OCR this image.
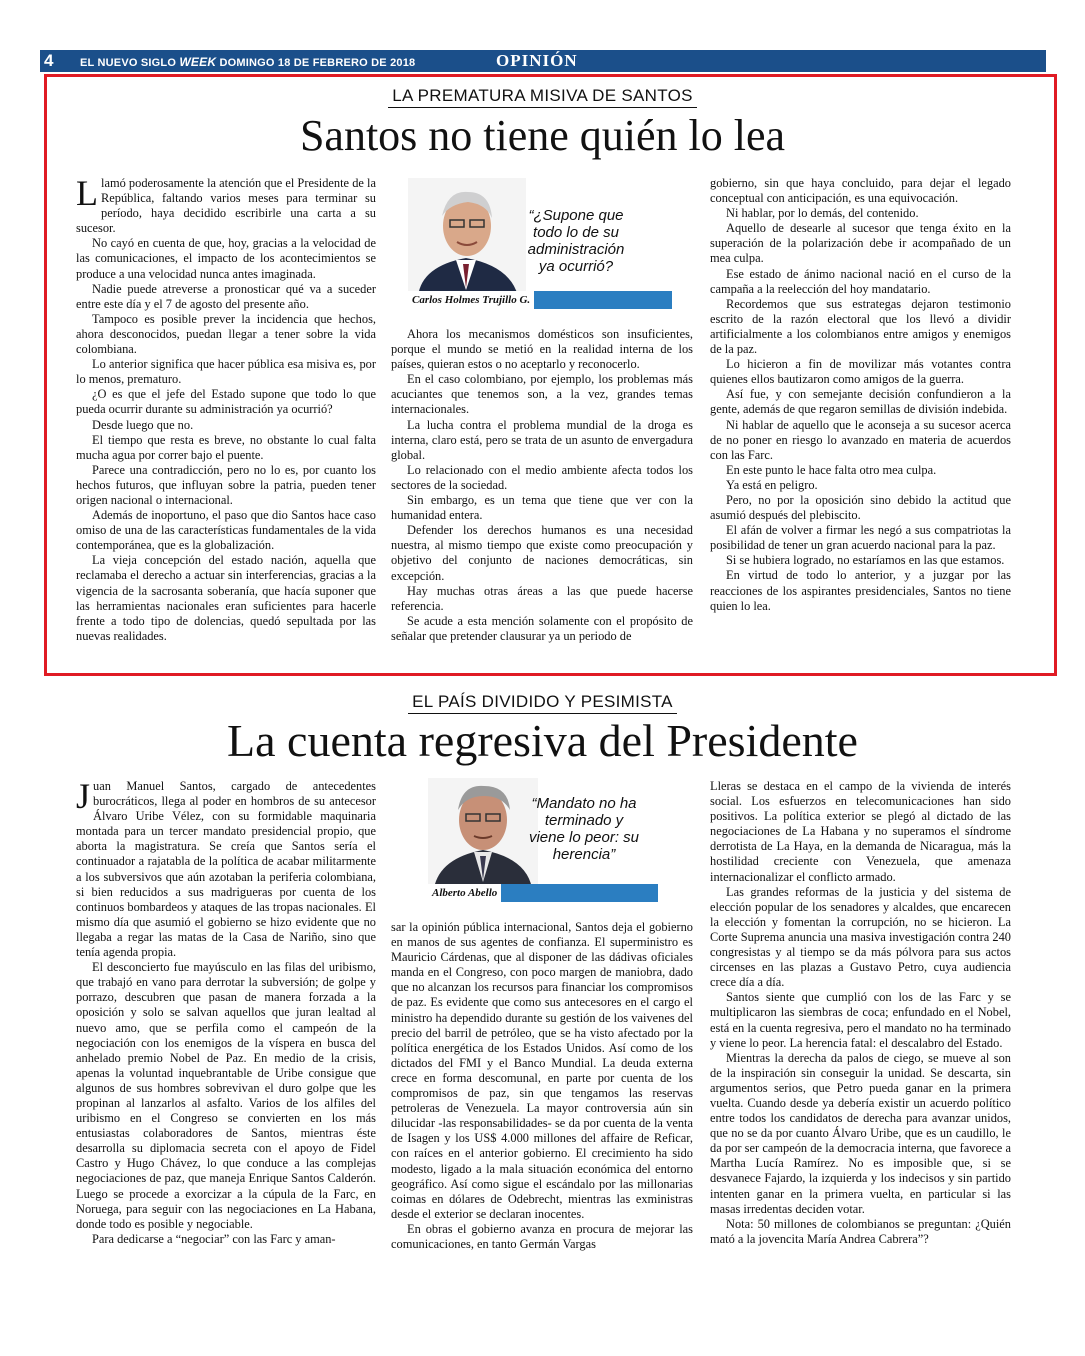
4 EL NUEVO SIGLO WEEK DOMINGO 18 DE FEBRERO DE 2018	OPINIÓN
LA PREMATURA MISIVA DE SANTOS
Santos no tiene quién lo lea

Llamó poderosamente la atención que el Presidente de la República, faltando varios meses para terminar su período, haya decidido escribirle una carta a su sucesor.

No cayó en cuenta de que, hoy, gracias a la velocidad de las comunicaciones, el impacto de los acontecimientos se produce a una velocidad nunca antes imaginada.

Nadie puede atreverse a pronosticar qué va a suceder entre este día y el 7 de agosto del presente año.

Tampoco es posible prever la incidencia que hechos, ahora desconocidos, puedan llegar a tener sobre la vida colombiana.

Lo anterior significa que hacer pública esa misiva es, por lo menos, prematuro.

¿O es que el jefe del Estado supone que todo lo que pueda ocurrir durante su administración ya ocurrió?

Desde luego que no.

El tiempo que resta es breve, no obstante lo cual falta mucha agua por correr bajo el puente.

Parece una contradicción, pero no lo es, por cuanto los hechos futuros, que influyan sobre la patria, pueden tener origen nacional o internacional.

Además de inoportuno, el paso que dio Santos hace caso omiso de una de las características fundamentales de la vida contemporánea, que es la globalización.

La vieja concepción del estado nación, aquella que reclamaba el derecho a actuar sin interferencias, gracias a la vigencia de la sacrosanta soberanía, que hacía suponer que las herramientas nacionales eran suficientes para hacerle frente a todo tipo de dolencias, quedó sepultada por las nuevas realidades.

“¿Supone que todo lo de su administración ya ocurrió?
Carlos Holmes Trujillo G.

Ahora los mecanismos domésticos son insuficientes, porque el mundo se metió en la realidad interna de los países, quieran estos o no aceptarlo y reconocerlo.

En el caso colombiano, por ejemplo, los problemas más acuciantes que tenemos son, a la vez, grandes temas internacionales.

La lucha contra el problema mundial de la droga es interna, claro está, pero se trata de un asunto de envergadura global.

Lo relacionado con el medio ambiente afecta todos los sectores de la sociedad.

Sin embargo, es un tema que tiene que ver con la humanidad entera.

Defender los derechos humanos es una necesidad nuestra, al mismo tiempo que existe como preocupación y objetivo del conjunto de naciones democráticas, sin excepción.

Hay muchas otras áreas a las que puede hacerse referencia.

Se acude a esta mención solamente con el propósito de señalar que pretender clausurar ya un periodo de

gobierno, sin que haya concluido, para dejar el legado conceptual con anticipación, es una equivocación.

Ni hablar, por lo demás, del contenido.

Aquello de desearle al sucesor que tenga éxito en la superación de la polarización debe ir acompañado de un mea culpa.

Ese estado de ánimo nacional nació en el curso de la campaña a la reelección del hoy mandatario.

Recordemos que sus estrategas dejaron testimonio escrito de la razón electoral que los llevó a dividir artificialmente a los colombianos entre amigos y enemigos de la paz.

Lo hicieron a fin de movilizar más votantes contra quienes ellos bautizaron como amigos de la guerra.

Así fue, y con semejante decisión confundieron a la gente, además de que regaron semillas de división indebida.

Ni hablar de aquello que le aconseja a su sucesor acerca de no poner en riesgo lo avanzado en materia de acuerdos con las Farc.

En este punto le hace falta otro mea culpa.

Ya está en peligro.

Pero, no por la oposición sino debido la actitud que asumió después del plebiscito.

El afán de volver a firmar les negó a sus compatriotas la posibilidad de tener un gran acuerdo nacional para la paz.

Si se hubiera logrado, no estaríamos en las que estamos.

En virtud de todo lo anterior, y a juzgar por las reacciones de los aspirantes presidenciales, Santos no tiene quien lo lea.

EL PAÍS DIVIDIDO Y PESIMISTA
La cuenta regresiva del Presidente

Juan Manuel Santos, cargado de antecedentes burocráticos, llega al poder en hombros de su antecesor Álvaro Uribe Vélez, con su formidable maquinaria montada para un tercer mandato presidencial propio, que aborta la magistratura. Se creía que Santos sería el continuador a rajatabla de la política de acabar militarmente a los subversivos que aún azotaban la periferia colombiana, si bien reducidos a sus madrigueras por cuenta de los continuos bombardeos y ataques de las tropas nacionales. El mismo día que asumió el gobierno se hizo evidente que no llegaba a regar las matas de la Casa de Nariño, sino que tenía agenda propia.

El desconcierto fue mayúsculo en las filas del uribismo, que trabajó en vano para derrotar la subversión; de golpe y porrazo, descubren que pasan de manera forzada a la oposición y solo se salvan aquellos que juran lealtad al nuevo amo, que se perfila como el campeón de la negociación con los enemigos de la víspera en busca del anhelado premio Nobel de Paz. En medio de la crisis, apenas la voluntad inquebrantable de Uribe consigue que algunos de sus hombres sobrevivan el duro golpe que les propinan al lanzarlos al asfalto. Varios de los alfiles del uribismo en el Congreso se convierten en los más entusiastas colaboradores de Santos, mientras éste desarrolla su diplomacia secreta con el apoyo de Fidel Castro y Hugo Chávez, lo que conduce a las complejas negociaciones de paz, que maneja Enrique Santos Calderón. Luego se procede a exorcizar a la cúpula de la Farc, en Noruega, para seguir con las negociaciones en La Habana, donde todo es posible y negociable.

Para dedicarse a “negociar” con las Farc y aman-

“Mandato no ha terminado y viene lo peor: su herencia”
Alberto Abello

sar la opinión pública internacional, Santos deja el gobierno en manos de sus agentes de confianza. El superministro es Mauricio Cárdenas, que al disponer de las dádivas oficiales manda en el Congreso, con poco margen de maniobra, dado que no alcanzan los recursos para financiar los compromisos de paz. Es evidente que como sus antecesores en el cargo el ministro ha dependido durante su gestión de los vaivenes del precio del barril de petróleo, que se ha visto afectado por la política energética de los Estados Unidos. Así como de los dictados del FMI y el Banco Mundial. La deuda externa crece en forma descomunal, en parte por cuenta de los compromisos de paz, sin que tengamos las reservas petroleras de Venezuela. La mayor controversia aún sin dilucidar -las responsabilidades- se da por cuenta de la venta de Isagen y los US$ 4.000 millones del affaire de Reficar, con raíces en el anterior gobierno. El crecimiento ha sido modesto, ligado a la mala situación económica del entorno geográfico. Así como sigue el escándalo por las millonarias coimas en dólares de Odebrecht, mientras las exministras desde el exterior se declaran inocentes.

En obras el gobierno avanza en procura de mejorar las comunicaciones, en tanto Germán Vargas

Lleras se destaca en el campo de la vivienda de interés social. Los esfuerzos en telecomunicaciones han sido positivos. La política exterior se plegó al dictado de las negociaciones de La Habana y no superamos el síndrome derrotista de La Haya, en la demanda de Nicaragua, más la hostilidad creciente con Venezuela, que amenaza internacionalizar el conflicto armado.

Las grandes reformas de la justicia y del sistema de elección popular de los senadores y alcaldes, que encarecen la elección y fomentan la corrupción, no se hicieron. La Corte Suprema anuncia una masiva investigación contra 240 congresistas y al tiempo se da más pólvora para sus actos circenses en las plazas a Gustavo Petro, cuya audiencia crece día a día.

Santos siente que cumplió con los de las Farc y se multiplicaron las siembras de coca; enfundado en el Nobel, está en la cuenta regresiva, pero el mandato no ha terminado y viene lo peor. La herencia fatal: el descalabro del Estado.

Mientras la derecha da palos de ciego, se mueve al son de la inspiración sin conseguir la unidad. Se descarta, sin argumentos serios, que Petro pueda ganar en la primera vuelta. Cuando desde ya debería existir un acuerdo político entre todos los candidatos de derecha para avanzar unidos, que no se da por cuanto Álvaro Uribe, que es un caudillo, le da por ser campeón de la democracia interna, que favorece a Martha Lucía Ramírez. No es imposible que, si se desvanece Fajardo, la izquierda y los indecisos y sin partido intenten ganar en la primera vuelta, en particular si las masas irredentas deciden votar.

Nota: 50 millones de colombianos se preguntan: ¿Quién mató a la jovencita María Andrea Cabrera”?
